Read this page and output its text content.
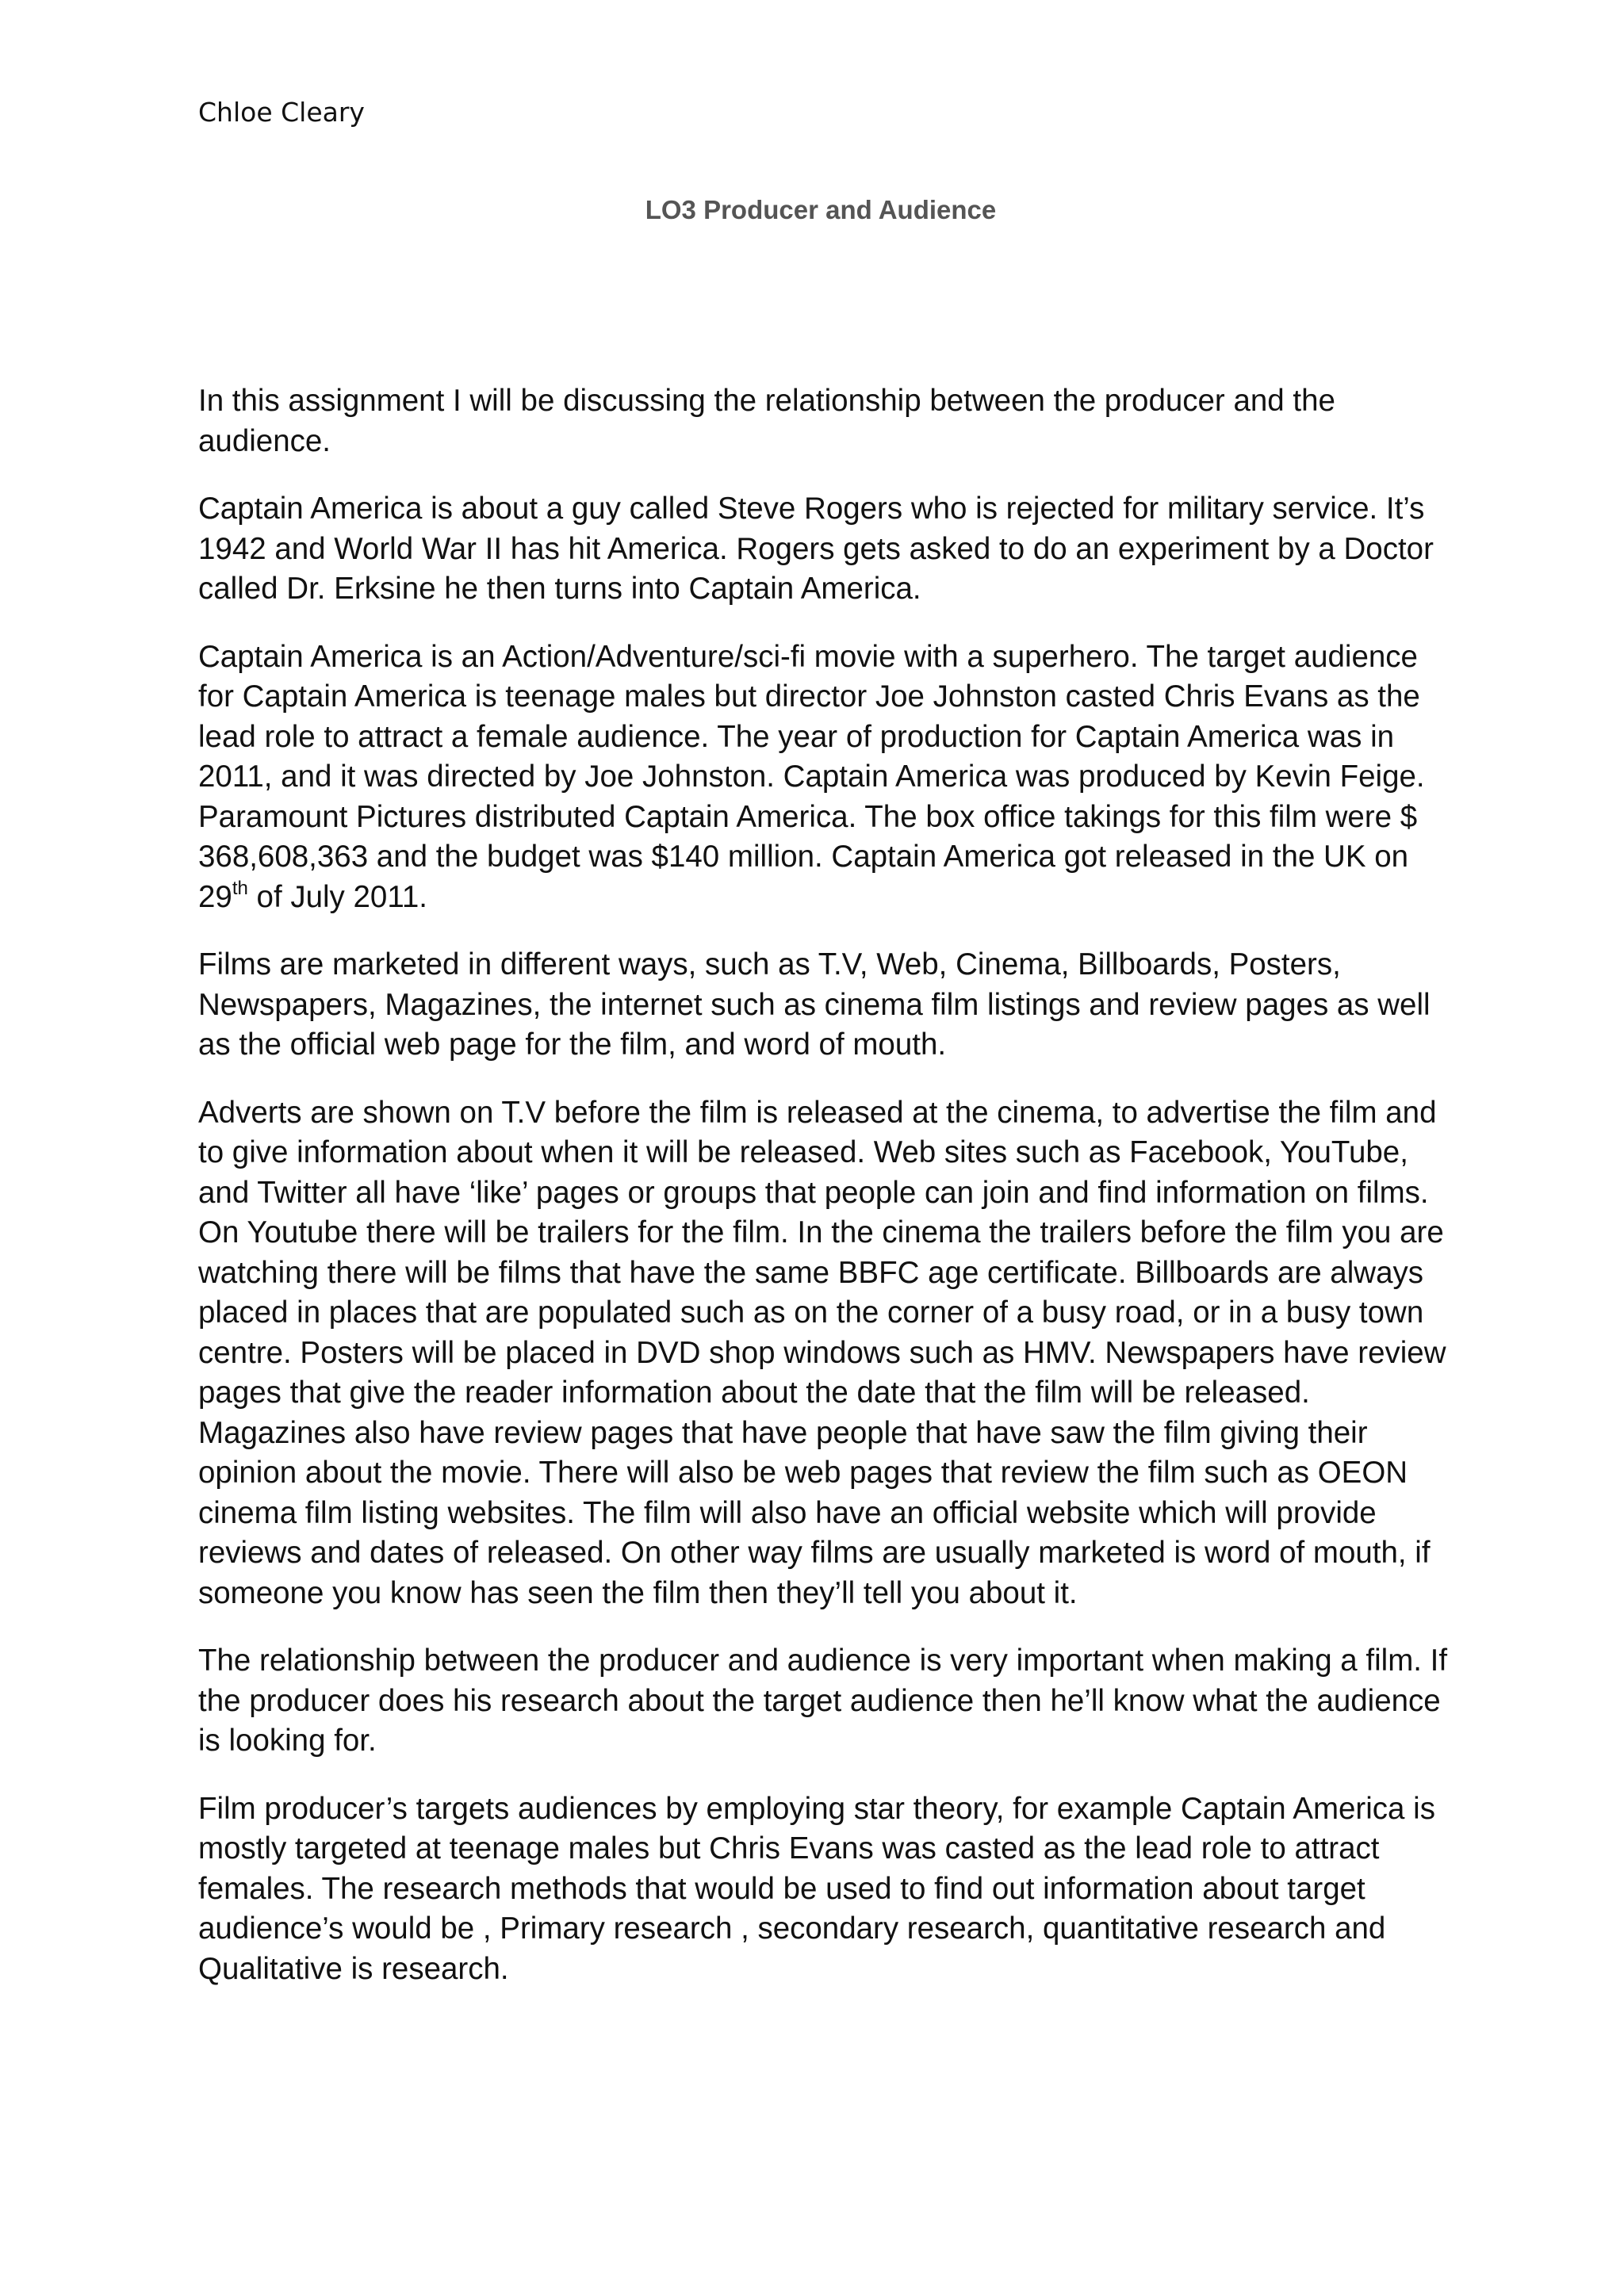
Chloe Cleary
LO3 Producer and Audience

In this assignment I will be discussing the relationship between the producer and the audience.

Captain America is about a guy called Steve Rogers who is rejected for military service. It’s 1942 and World War II has hit America. Rogers gets asked to do an experiment by a Doctor called Dr. Erksine he then turns into Captain America.

Captain America is an Action/Adventure/sci-fi movie with a superhero. The target audience for Captain America is teenage males but director Joe Johnston casted Chris Evans as the lead role to attract a female audience. The year of production for Captain America was in 2011, and it was directed by Joe Johnston. Captain America was produced by Kevin Feige. Paramount Pictures distributed Captain America. The box office takings for this film were $ 368,608,363 and the budget was $140 million. Captain America got released in the UK on 29th of July 2011.

Films are marketed in different ways, such as T.V, Web, Cinema, Billboards, Posters, Newspapers, Magazines, the internet such as cinema film listings and review pages as well as the official web page for the film, and word of mouth.

Adverts are shown on T.V before the film is released at the cinema, to advertise the film and to give information about when it will be released. Web sites such as Facebook, YouTube, and Twitter all have ‘like’ pages or groups that people can join and find information on films. On Youtube there will be trailers for the film. In the cinema the trailers before the film you are watching there will be films that have the same BBFC age certificate. Billboards are always placed in places that are populated such as on the corner of a busy road, or in a busy town centre. Posters will be placed in DVD shop windows such as HMV. Newspapers have review pages that give the reader information about the date that the film will be released. Magazines also have review pages that have people that have saw the film giving their opinion about the movie. There will also be web pages that review the film such as OEON cinema film listing websites. The film will also have an official website which will provide reviews and dates of released. On other way films are usually marketed is word of mouth, if someone you know has seen the film then they’ll tell you about it.

The relationship between the producer and audience is very important when making a film. If the producer does his research about the target audience then he’ll know what the audience is looking for.

Film producer’s targets audiences by employing star theory, for example Captain America is mostly targeted at teenage males but Chris Evans was casted as the lead role to attract females. The research methods that would be used to find out information about target audience’s would be , Primary research , secondary research, quantitative research and Qualitative is research.
